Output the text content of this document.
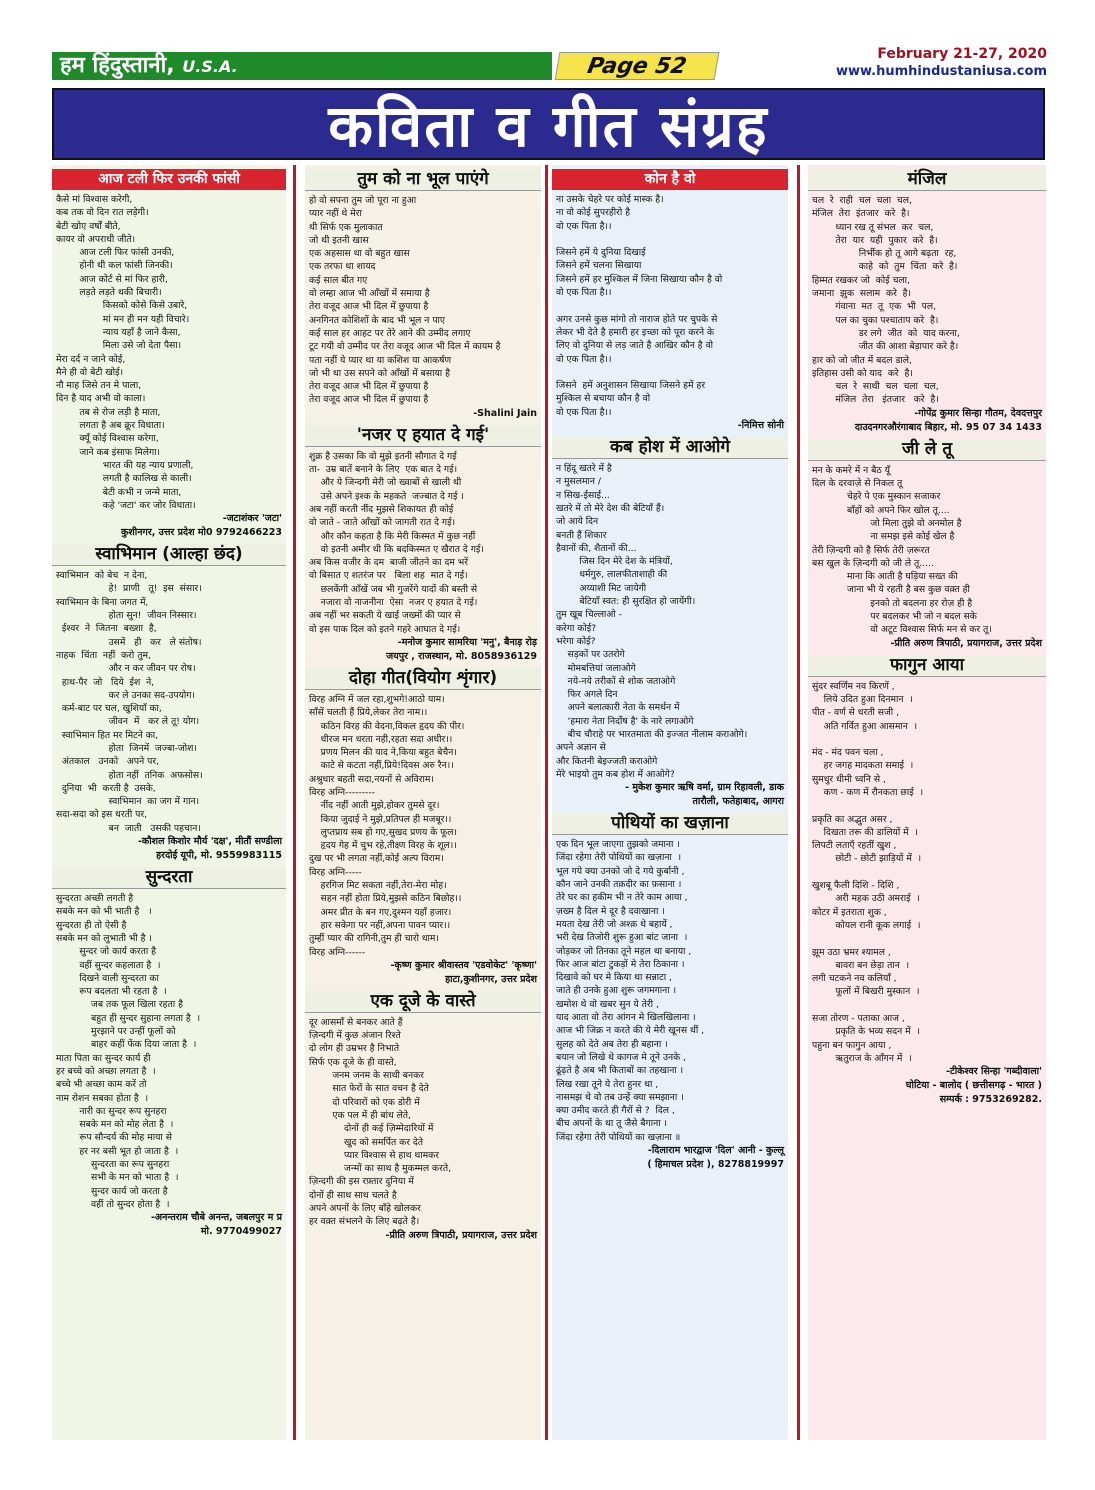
हम हिंदुस्तानी, U.S.A.	Page 52	February 21-27, 2020
www.humhindustaniusa.com
कविता व गीत संग्रह
आज टली फिर उनकी फांसी
कैसे मां विश्वास करेगी,
कब तक वो दिन रात लड़ेगी।
बेटी खोए वर्षों बीते,
कायर वो अपराधी जीते।
आज टली फिर फांसी उनकी,
होनी थी कल फांसी जिनकी।
आज कोर्ट से मां फिर हारी,
लड़ते लड़ते थकी बिचारी।
किसको कोसे किसे उबारे,
मां मन ही मन यही विचारे।
न्याय यहाँ है जाने कैसा,
मिला उसे जो देता पैसा।
मेरा दर्द न जाने कोई,
मैने ही वो बेटी खोई।
नौ माह जिसे तन मे पाला,
दिन है याद अभी वो काला।
तब से रोज लड़ी है माता,
लगता है अब क्रूर विधाता।
क्यूँ कोई विश्वास करेगा,
जाने कब इंसाफ मिलेगा।
भारत की यह न्याय प्रणाली,
लगती है कालिख से काली।
बेटी कभी न जन्मे माता,
कहे 'जटा' कर जोर विधाता।
-जटाशंकर 'जटा'
कुशीनगर, उत्तर प्रदेश मो0 9792466223
स्वाभिमान (आल्हा छंद)
स्वाभिमान  को बेच  न देना,
हे!  प्राणी   तू!  इस  संसार।
स्वाभिमान के बिना जगत में,
होता सुन!  जीवन निस्सार।
ईश्वर  ने  जितना  बख्शा  है,
उसमें   ही   कर   ले संतोष।
नाहक  चिंता  नहीं  करो तुम,
और न कर जीवन पर रोष।
हाथ-पैर  जो   दिये  ईश  ने,
कर ले उनका सद-उपयोग।
कर्म-बाट पर चल, खुशियाँ का,
जीवन  में   कर ले तू! योग।
स्वाभिमान हित मर मिटने का,
होता  जिनमें  जज्बा-जोश।
अंतकाल   उनको   अपने पर,
होता नहीं  तनिक  अफसोस।
दुनिया  भी  करती है  उसके,
स्वाभिमान  का जग में गान।
सदा-सदा को इस धरती पर,
बन  जाती   उसकी पहचान।
-कौशल किशोर मौर्य 'दक्ष', मीतौं सण्डीला
हरदोई यूपी, मो. 9559983115
सुन्दरता
सुन्दरता अच्छी लगती है
सबके मन को भी भाती है   ।
सुन्दरता ही तो ऐसी है
सबके मन को लुभाती भी है ।
सुन्दर जो कार्य करता है
वहीं सुन्दर कहलाता है  ।
दिखने वाली सुन्दरता का
रूप बदलता भी रहता है  ।
जब तक फूल खिला रहता है
बहुत ही सुन्दर सुहाना लगता है  ।
मुरझाने पर उन्हीं फूलों को
बाहर कहीं फेंक दिया जाता है  ।
माता पिता का सुन्दर कार्य ही
हर बच्चे को अच्छा लगता है  ।
बच्चे भी अच्छा काम करें तो
नाम रोशन सबका होता है  ।
नारी का सुन्दर रूप सुनहरा
सबके मन को मोह लेता है  ।
रूप सौन्दर्य की मोह माया से
हर नर बसी भूत हो जाता है  ।
सुन्दरता का रूप सुनहरा
सभी के मन को भाता है  ।
सुन्दर कार्य जो करता है
वहीं तो सुन्दर होता है  ।
-अनन्तराम चौबे अनन्त, जबलपुर म प्र
मो. 9770499027
तुम को ना भूल पाएंगे
हो वो सपना तुम जो पूरा ना हुआ
प्यार नहीं थे मेरा
थी सिर्फ एक मुलाकात
जो थी इतनी खास
एक अहसास था वो बहुत खास
एक तरफा था शायद
कई साल बीत गए
वो लम्हा आज भी आँखों में समाया है
तेरा वजूद आज भी दिल में छुपाया है
अनगिनत कोशिशों के बाद भी भूल न पाए
कई साल हर आहट पर तेरे आने की उम्मीद लगाए
टूट गयी वो उम्मीद पर तेरा वजूद आज भी दिल में कायम है
पता नहीं ये प्यार था या कशिश या आकर्षण
जो भी था उस सपने को आँखों में बसाया है
तेरा वजूद आज भी दिल में छुपाया है
तेरा वजूद आज भी दिल में छुपाया है
-Shalini Jain
'नजर ए हयात दे गई'
शुक्र है उसका कि वो मुझे इतनी सौगात दे गई
ता-  उम्र बातें बनाने के लिए  एक बात दे गई।
और ये जिन्दगी मेरी जो ख्वाबों से खाली थी
उसे अपने इश्क के महकते  जज्बात दे गई ।
अब नहीं करती नींद मुझसे शिकायत ही कोई
वो जाते - जाते आँखों को जागती रात दे गई।
और कौन कहता है कि मेरी किस्मत में कुछ नहीं
वो इतनी अमीर थी कि बदकिस्मत ए खैरात दे गई।
अब किस वजीर के दम  बाजी जीतने का दम भरें
वो बिसात ए शतरंज पर   बिला शह  मात दे गई।
छलकेंगी आँखें जब भी गुजरेंगे यादों की बस्ती से
नजारा वो नाजनीना  ऐसा  नजर ए हयात दे गई।
अब नहीं भर सकती ये खाई जख्मों की प्यार से
वो इस पाक दिल को इतने गहरे आघात दे गई।
-मनोज कुमार सामरिया 'मनु', बैनाड़ रोड़
जयपुर , राजस्थान, मो. 8058936129
दोहा गीत(वियोग शृंगार)
विरह अग्नि में जल रहा,शुभगे!आठो याम।
साँसें चलती हैं प्रिये,लेकर तेरा नाम।।
कठिन विरह की वेदना,विकल हृदय की पीर।
धीरज मन धरता नही,रहता सदा अधीर।।
प्रणय मिलन की याद ने,किया बहुत बेचैन।
काटे से कटता नहीं,प्रिये!दिवस अरु रैन।।
अश्रुधार बहती सदा,नयनों से अविराम।
विरह अग्नि---------
नींद नहीं आती मुझे,होकर तुमसे दूर।
किया जुदाई ने मुझे,प्रतिपल ही मजबूर।।
लुप्तप्राय सब हो गए,सुखद प्रणय के फूल।
हृदय गेह में चुभ रहे,तीक्ष्ण विरह के शूल।।
दुख पर भी लगता नहीं,कोई अल्प विराम।
विरह अग्नि-----
हरगिज मिट सकता नहीं,तेरा-मेरा मोह।
सहन नहीं होता प्रिये,मुझसे कठिन बिछोह।।
अमर प्रीत के बन गए,दुश्मन यहाँ हजार।
हार सकेगा पर नहीं,अपना पावन प्यार।।
तुम्हीं प्यार की रागिनी,तुम ही चारो धाम।
विरह अग्नि------
-कृष्ण कुमार श्रीवास्तव 'एडवोकेट' 'कृष्णा'
हाटा,कुशीनगर, उत्तर प्रदेश
एक दूजे के वास्ते
दूर आसमाँ से बनकर आते हैं
ज़िन्दगी में कुछ अंजान रिश्ते
दो लोग ही उम्रभर है निभाते
सिर्फ एक दूजे के ही वास्ते,
जनम जनम के साथी बनकर
सात फेरों के सात वचन है देते
दो परिवारों को एक डोरी में
एक पल में ही बांध लेते,
दोनों ही कई ज़िम्मेदारियों में
खुद को समर्पित कर देते
प्यार विश्वास से हाथ थामकर
जन्मों का साथ है मुकम्मल करते,
ज़िन्दगी की इस रफ़्तार दुनिया में
दोनों ही साथ साथ चलते है
अपने अपनों के लिए बाँहे खोलकर
हर वक़्त संभलने के लिए बढ़ते है।
-प्रीति अरुण त्रिपाठी, प्रयागराज, उत्तर प्रदेश
कोन है वो
ना उसके चेहरे पर कोई मास्क है।
ना वो कोई सुपरहीरो है
वो एक पिता है।।

जिसने हमें ये दुनिया दिखाई
जिसने हमें चलना सिखाया
जिसने हमें हर मुश्किल में जिना सिखाया कौन है वो
वो एक पिता है।।

अगर उनसे कुछ मांगो तो नाराज होते पर चुपके से
लेकर भी देते है हमारी हर इच्छा को पूरा करने के
लिए वो दुनिया से लड़ जाते है आखिर कौन है वो
वो एक पिता है।।

जिसने  हमें अनुशासन सिखाया जिसने हमें हर
मुश्किल से बचाया कौन है वो
वो एक पिता है।।
-निमित्त सोनी
कब होश में आओगे
न हिंदू खतरे में है
न मुसलमान /
न सिख-ईसाई...
खतरे में तो मेरे देश की बेटियाँ हैं।
जो आये दिन
बनती हैं शिकार
हैवानों की, शैतानों की...
जिस दिन मेरे देश के मंत्रियों,
धर्मगुरु, लालफीताशाही की
अय्याशी मिट जायेगी
बेटियाँ स्वत: ही सुरक्षित हो जायेंगी।
तुम खूब चिल्लाओ -
करेगा कोई?
भरेगा कोई?
सड़कों पर उतरोगे
मोमबत्तियां जलाओगे
नये-नये तरीकों से शोक जताओगे
फिर अगले दिन
अपने बलात्कारी नेता के समर्थन में
'हमारा नेता निर्दोष है' के नारे लगाओगे
बीच चौराहे पर भारतमाता की इज्जत नीलाम कराओगे।
अपने अज्ञान से
और कितनी बेइज्जती कराओगे
मेरे भाइयो तुम कब होश में आओगे?
- मुकेश कुमार ऋषि वर्मा, ग्राम रिहावली, डाक
तारौली, फतेहाबाद, आगरा
पोथियों का खज़ाना
एक दिन भूल जाएगा तुझको जमाना ।
जिंदा रहेगा तेरी पोथियों का खज़ाना  ।
भूल गये क्या उनको जो दे गये कुर्बानी ,
कौन जाने उनकी तक़दीर का फ़साना ।
तेरे घर का हकीम भी न तेरे काम आया ,
ज़ख्म है दिल मे दूर है दवाखाना ।
मयता देख तेरी जो अश्क़ थे बहायें ,
भरी देख तिजोरी शुरू हुआ बांट जाना  ।
जोड़कर जो तिनका तूने महल था बनाया ,
फिर आज बांटा टुकड़ों मे तेरा ठिकाना ।
दिखावे को घर मे किया था सन्नाटा ,
जाते ही उनके हुआ शुरू जगमगाना ।
खमोश थे वो खबर सुन ये तेरी ,
याद आता वो तेरा आंगन मे खिलखिलाना ।
आज भी जिक्र न करते की ये मेरी खूनस थीं ,
सुलह को देते अब तेरा ही बहाना ।
बयान जो लिखे थे कागज मे तूने उनके ,
ढूंढ़ते है अब भी किताबों का तहखाना ।
लिख रखा तूने ये तेरा हुनर था ,
नासमझ थे वो तब उन्हें क्या समझाना ।
क्या उमीद करते ही गैरों से ?  दिल ,
बीच अपनों के था तू जैसे बैगाना ।
जिंदा रहेगा तेरी पोथियों का खज़ाना ॥
-दिलाराम भारद्वाज 'दिल' आनी - कुल्लू
( हिमाचल प्रदेश ), 8278819997
मंजिल
चल  रे  राही  चल  चला  चल,
मंजिल  तेरा  इंतजार  करे  है।
ध्यान रख तू संभल  कर  चल,
तेरा  यार  यही  पुकार  करे  है।
निर्भीक हो तू आगे बढ़ता  रह,
काहे  को  तुम  चिंता  करे  है।
हिम्मत रखकर जो  कोई चला,
जमाना  झुक  सलाम  करे  है।
गंवाना  मत  तू  एक  भी  पल,
पल का चुका पश्चाताप करे  है।
डर लगे  जीत  को  याद करना,
जीत की आशा बेड़ापार करे है।
हार को जो जीत में बदल डाले,
इतिहास उसी को याद  करे  है।
चल  रे  साथी  चल  चला  चल,
मंजिल  तेरा   इंतजार   करे  है।
-गोपेंद्र कुमार सिन्हा गौतम, देवदत्तपुर
दाउदनगरऔरंगाबाद बिहार, मो. 95 07 34 1433
जी ले तू
मन के कमरे में न बैठ यूँ
दिल के दरवाज़े से निकल तू
चेहरे पे एक मुस्कान सजाकर
बाँहों को अपने फिर खोल तू....
जो मिला तुझे वो अनमोल है
ना समझ इसे कोई खेल है
तेरी ज़िन्दगी को है सिर्फ तेरी ज़रूरत
बस खुल के ज़िन्दगी को जी ले तू.....
माना कि आती है घड़िया सख्त की
जाना भी ये रहती है बस कुछ वक़्त ही
इनको तो बदलना हर रोज़ ही है
पर बदलकर भी जो न बदल सके
वो अटूट विश्वास सिर्फ मन से कर तू।
-प्रीति अरुण त्रिपाठी, प्रयागराज, उत्तर प्रदेश
फागुन आया
सुंदर स्वर्णिम नव किरणें ,
लिये उदित हुआ दिनमान  ।
पीत - वर्ण से धरती सजी ,
अति गर्वित हुआ आसमान  ।

मंद - मंद पवन चला ,
हर जगह मादकता समाई  ।
सुमधुर धीमी ध्वनि से ,
कण - कण में रौनकता छाई  ।

प्रकृति का अद्भुत असर ,
दिखता तरू की डालियों में  ।
लिपटी लताएँ रहतीं खुश ,
छोटी - छोटी झाड़ियों में  ।

खुशबू फैली दिशि - दिशि ,
अरी महक उठी अमराई  ।
कोटर में इतराता शुक ,
कोयल रानी कूक लगाई  ।

झूम उठा भ्रमर श्यामल ,
बावरा बन छेड़ा तान  ।
लगी चटकने नव कलियाँ ,
फूलों में बिखरी मुस्कान  ।

सजा तोरण - पताका आज ,
प्रकृति के भव्य सदन में  ।
पहुना बन फागुन आया ,
ऋतुराज के आँगन में  ।
-टीकेश्वर सिन्हा 'गब्दीवाला'
घोटिया - बालोद ( छत्तीसगढ़ - भारत )
सम्पर्क : 9753269282.
